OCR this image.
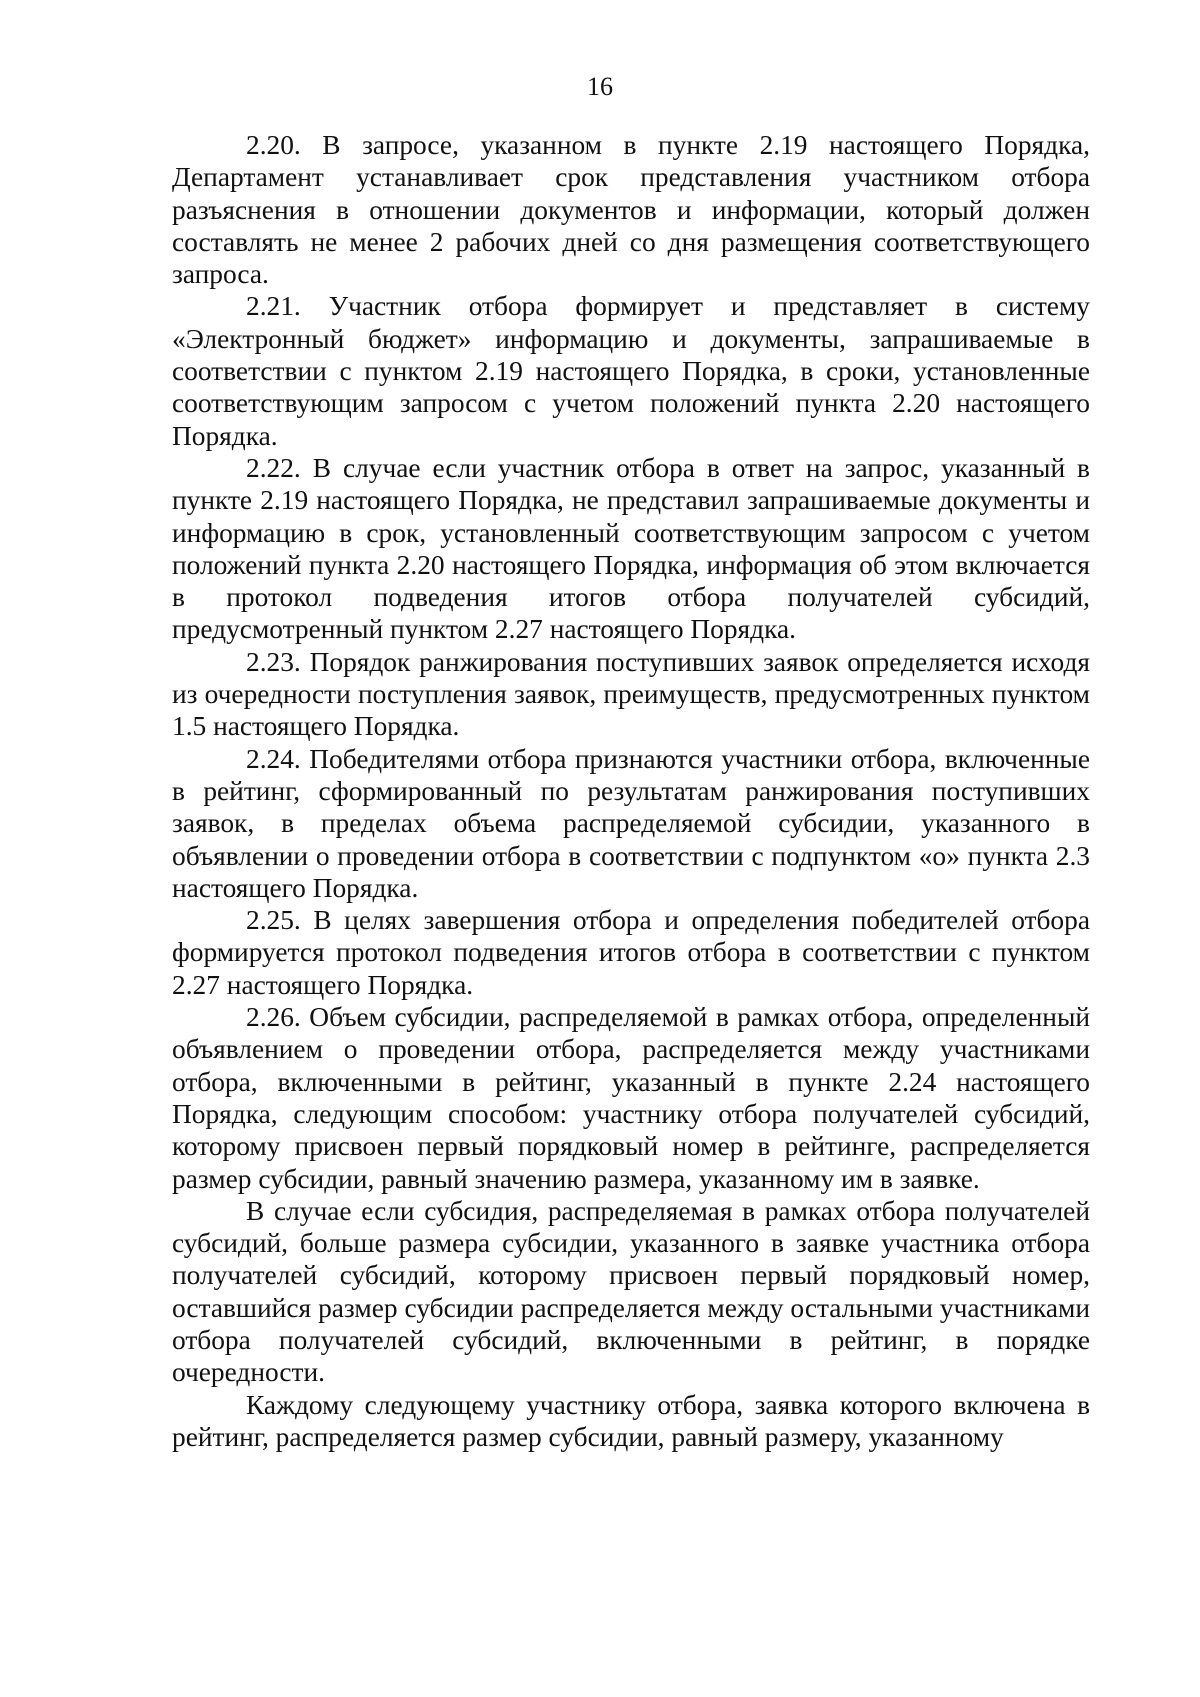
16

2.20. В запросе, указанном в пункте 2.19 настоящего Порядка, Департамент устанавливает срок представления участником отбора разъяснения в отношении документов и информации, который должен составлять не менее 2 рабочих дней со дня размещения соответствующего запроса.

2.21. Участник отбора формирует и представляет в систему «Электронный бюджет» информацию и документы, запрашиваемые в соответствии с пунктом 2.19 настоящего Порядка, в сроки, установленные соответствующим запросом с учетом положений пункта 2.20 настоящего Порядка.

2.22. В случае если участник отбора в ответ на запрос, указанный в пункте 2.19 настоящего Порядка, не представил запрашиваемые документы и информацию в срок, установленный соответствующим запросом с учетом положений пункта 2.20 настоящего Порядка, информация об этом включается в протокол подведения итогов отбора получателей субсидий, предусмотренный пунктом 2.27 настоящего Порядка.

2.23. Порядок ранжирования поступивших заявок определяется исходя из очередности поступления заявок, преимуществ, предусмотренных пунктом 1.5 настоящего Порядка.

2.24. Победителями отбора признаются участники отбора, включенные в рейтинг, сформированный по результатам ранжирования поступивших заявок, в пределах объема распределяемой субсидии, указанного в объявлении о проведении отбора в соответствии с подпунктом «о» пункта 2.3 настоящего Порядка.

2.25. В целях завершения отбора и определения победителей отбора формируется протокол подведения итогов отбора в соответствии с пунктом 2.27 настоящего Порядка.

2.26. Объем субсидии, распределяемой в рамках отбора, определенный объявлением о проведении отбора, распределяется между участниками отбора, включенными в рейтинг, указанный в пункте 2.24 настоящего Порядка, следующим способом: участнику отбора получателей субсидий, которому присвоен первый порядковый номер в рейтинге, распределяется размер субсидии, равный значению размера, указанному им в заявке.

В случае если субсидия, распределяемая в рамках отбора получателей субсидий, больше размера субсидии, указанного в заявке участника отбора получателей субсидий, которому присвоен первый порядковый номер, оставшийся размер субсидии распределяется между остальными участниками отбора получателей субсидий, включенными в рейтинг, в порядке очередности.

Каждому следующему участнику отбора, заявка которого включена в рейтинг, распределяется размер субсидии, равный размеру, указанному
